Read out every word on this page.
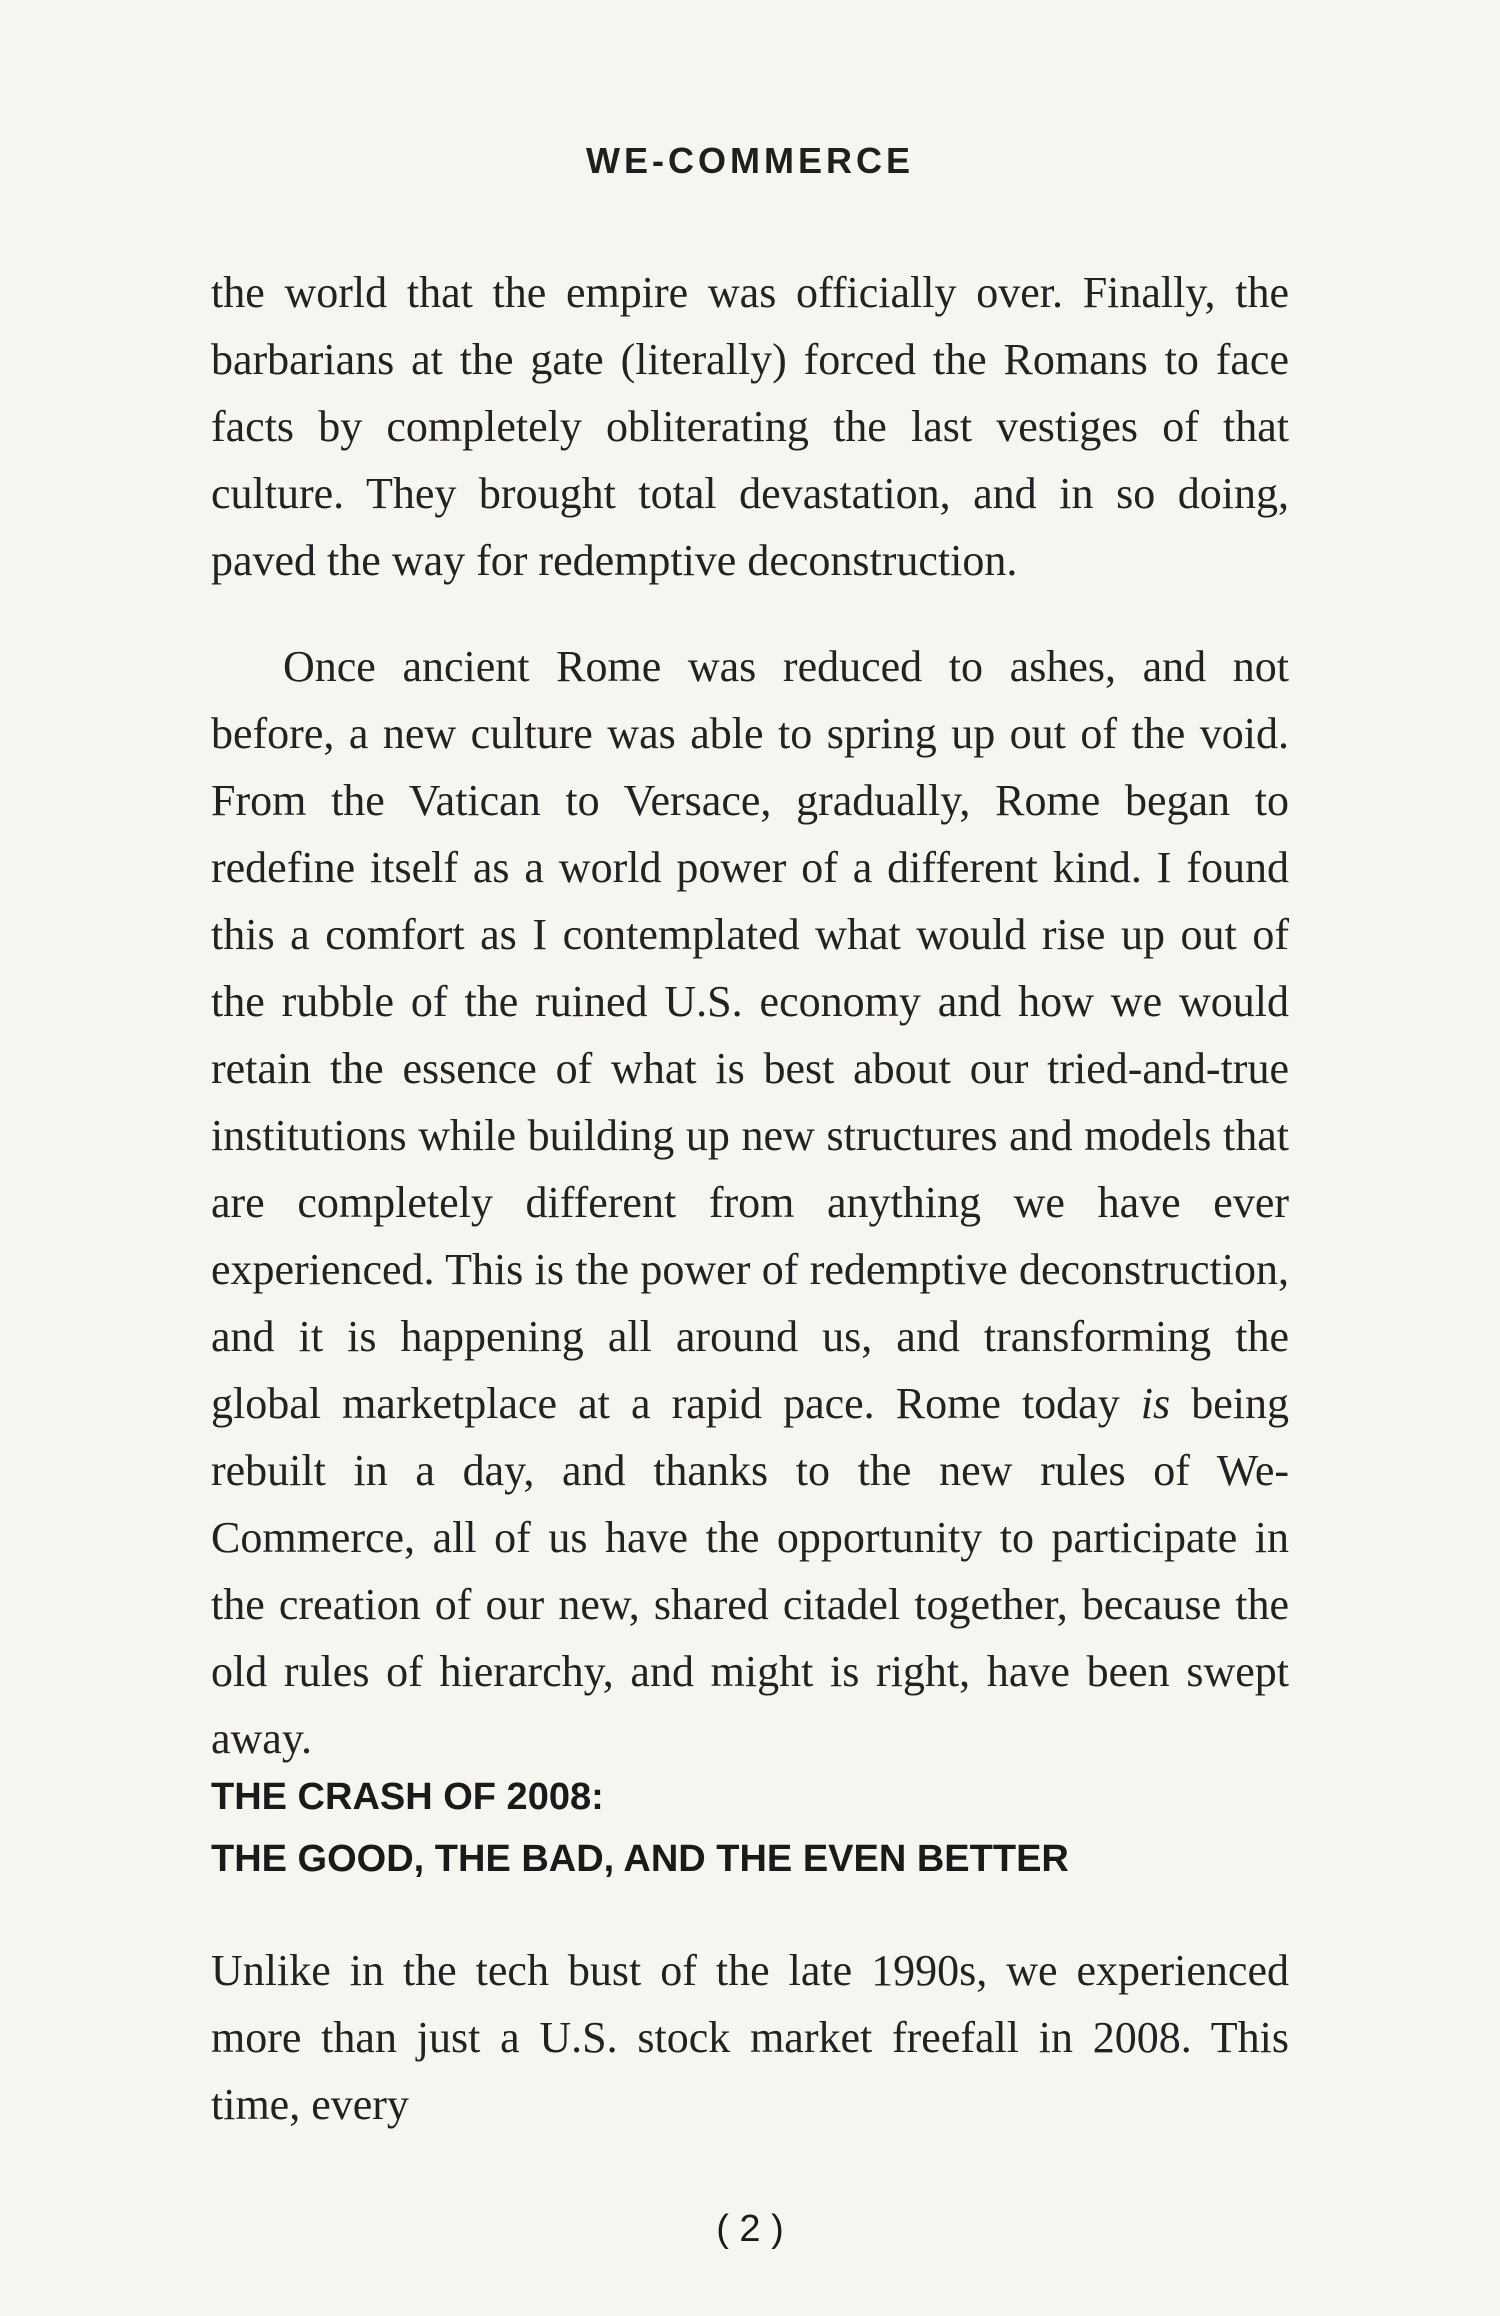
WE-COMMERCE

the world that the empire was officially over. Finally, the barbarians at the gate (literally) forced the Romans to face facts by completely obliterating the last vestiges of that culture. They brought total devastation, and in so doing, paved the way for redemptive deconstruction.

Once ancient Rome was reduced to ashes, and not before, a new culture was able to spring up out of the void. From the Vatican to Versace, gradually, Rome began to redefine itself as a world power of a different kind. I found this a comfort as I contemplated what would rise up out of the rubble of the ruined U.S. economy and how we would retain the essence of what is best about our tried-and-true institutions while building up new structures and models that are completely different from anything we have ever experienced. This is the power of redemptive deconstruction, and it is happening all around us, and transforming the global marketplace at a rapid pace. Rome today is being rebuilt in a day, and thanks to the new rules of We-Commerce, all of us have the opportunity to participate in the creation of our new, shared citadel together, because the old rules of hierarchy, and might is right, have been swept away.

THE CRASH OF 2008:
THE GOOD, THE BAD, AND THE EVEN BETTER

Unlike in the tech bust of the late 1990s, we experienced more than just a U.S. stock market freefall in 2008. This time, every

( 2 )
